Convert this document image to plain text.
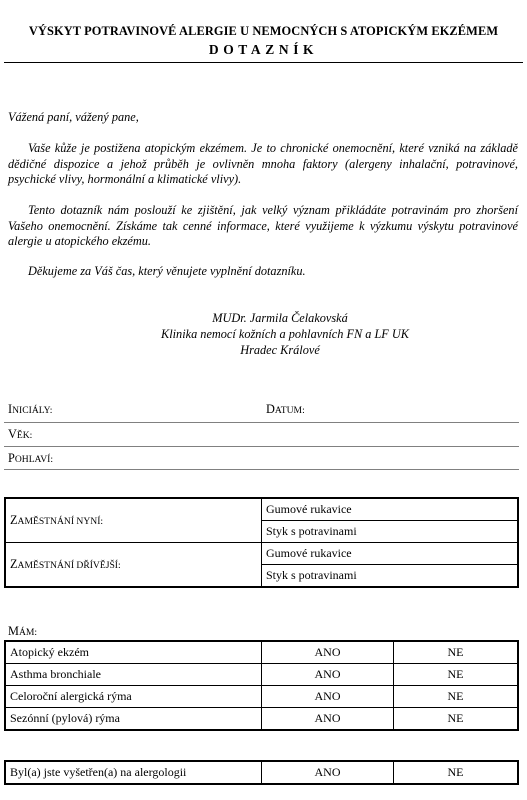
VÝSKYT POTRAVINOVÉ ALERGIE U NEMOCNÝCH S ATOPICKÝM EKZÉMEM
DOTAZNÍK
Vážená paní, vážený pane,
Vaše kůže je postižena atopickým ekzémem. Je to chronické onemocnění, které vzniká na základě dědičné dispozice a jehož průběh je ovlivněn mnoha faktory (alergeny inhalační, potravinové, psychické vlivy, hormonální a klimatické vlivy).
Tento dotazník nám poslouží ke zjištění, jak velký význam přikládáte potravinám pro zhoršení Vašeho onemocnění. Získáme tak cenné informace, které využijeme k výzkumu výskytu potravinové alergie u atopického ekzému.
Děkujeme za Váš čas, který věnujete vyplnění dotazníku.
MUDr. Jarmila Čelakovská
Klinika nemocí kožních a pohlavních FN a LF UK
Hradec Králové
INICIÁLY:	DATUM:
VĚK:
POHLAVÍ:
ZAMĚSTNÁNÍ NYNÍ:	Gumové rukavice
	Styk s potravinami
ZAMĚSTNÁNÍ DŘÍVĚJŠÍ:	Gumové rukavice
	Styk s potravinami
MÁM:
Atopický ekzém	ANO	NE
Asthma bronchiale	ANO	NE
Celoroční alergická rýma	ANO	NE
Sezónní (pylová) rýma	ANO	NE
Byl(a) jste vyšetřen(a) na alergologii	ANO	NE
